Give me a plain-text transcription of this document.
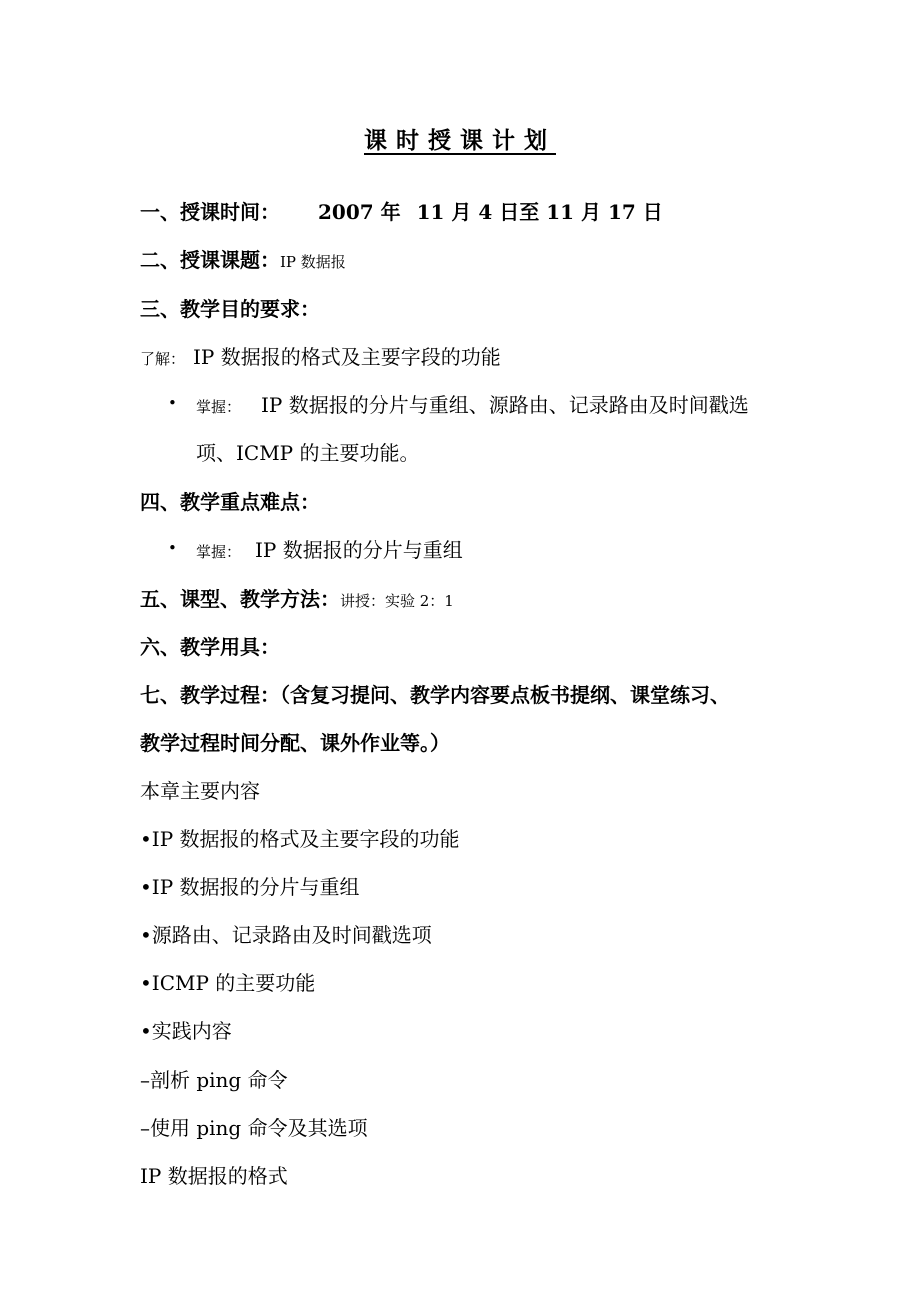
课时授课计划
一、授课时间： 2007 年 11 月 4 日至 11 月 17 日
二、授课课题：IP 数据报
三、教学目的要求：
了解： IP 数据报的格式及主要字段的功能
• 掌握： IP 数据报的分片与重组、源路由、记录路由及时间戳选
项、ICMP 的主要功能。
四、教学重点难点：
• 掌握： IP 数据报的分片与重组
五、课型、教学方法：讲授：实验 2：1
六、教学用具：
七、教学过程：（含复习提问、教学内容要点板书提纲、课堂练习、
教学过程时间分配、课外作业等。）
本章主要内容
•IP 数据报的格式及主要字段的功能
•IP 数据报的分片与重组
•源路由、记录路由及时间戳选项
•ICMP 的主要功能
•实践内容
–剖析 ping 命令
–使用 ping 命令及其选项
IP 数据报的格式
